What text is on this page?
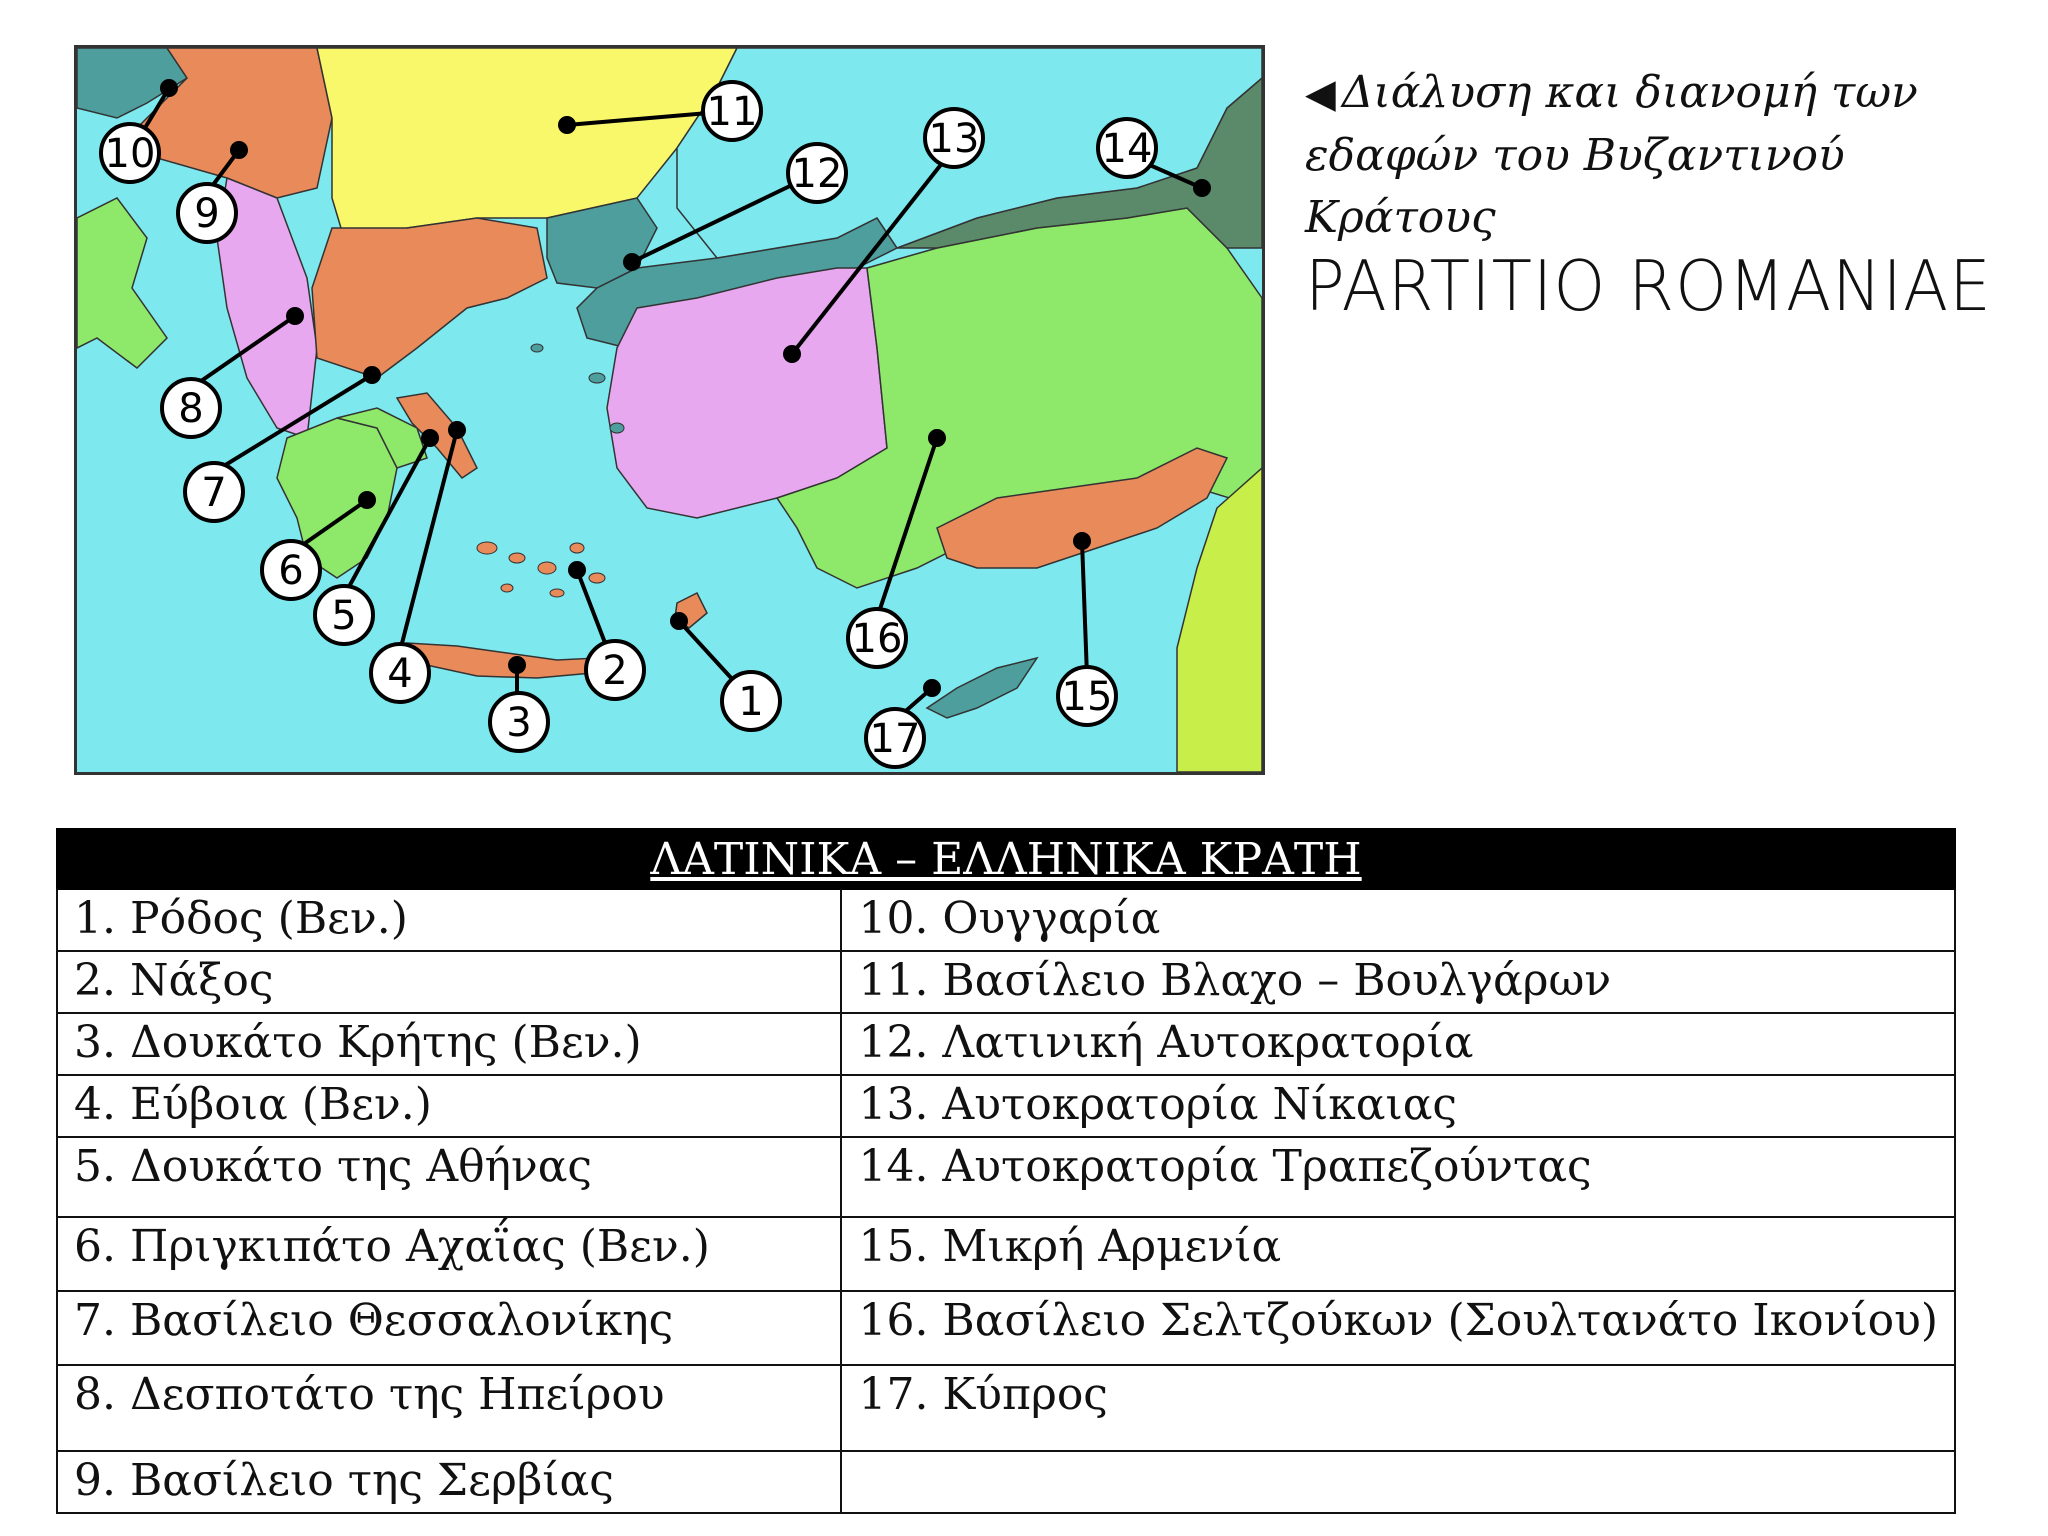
1
2
3
4
5
6
7
8
9
10
11
12
13	14
15
16
17
◀ Διάλυση και διανομή των
εδαφών του Βυζαντινού
Κράτους
PARTITIO ROMANIAE
ΛΑΤΙΝΙΚΑ – ΕΛΛΗΝΙΚΑ ΚΡΑΤΗ	
1. Ρόδος (Βεν.)	10. Ουγγαρία
2. Νάξος	11. Βασίλειο Βλαχο – Βουλγάρων
3. Δουκάτο Κρήτης (Βεν.)	12. Λατινική Αυτοκρατορία
4. Εύβοια (Βεν.)	13. Αυτοκρατορία Νίκαιας
5. Δουκάτο της Αθήνας	14. Αυτοκρατορία Τραπεζούντας
6. Πριγκιπάτο Αχαΐας (Βεν.)	15. Μικρή Αρμενία
7. Βασίλειο Θεσσαλονίκης	16. Βασίλειο Σελτζούκων (Σουλτανάτο Ικονίου)
8. Δεσποτάτο της Ηπείρου	17. Κύπρος
9. Βασίλειο της Σερβίας	
